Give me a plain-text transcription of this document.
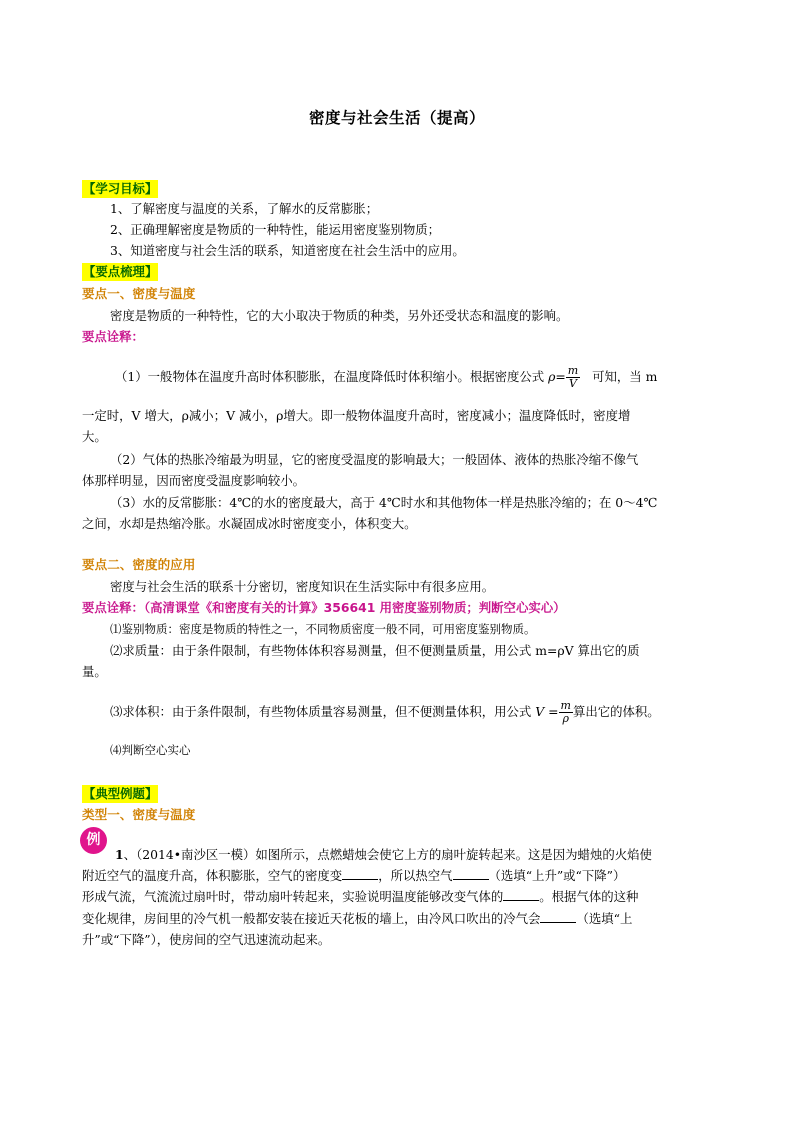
密度与社会生活（提高）
【学习目标】
1、了解密度与温度的关系，了解水的反常膨胀；
2、正确理解密度是物质的一种特性，能运用密度鉴别物质；
3、知道密度与社会生活的联系，知道密度在社会生活中的应用。
【要点梳理】
要点一、密度与温度
密度是物质的一种特性，它的大小取决于物质的种类，另外还受状态和温度的影响。
要点诠释：
（1）一般物体在温度升高时体积膨胀，在温度降低时体积缩小。根据密度公式 $\rho= \frac{m}{V}$ 可知，当 m
一定时，V 增大，ρ减小；V 减小，ρ增大。即一般物体温度升高时，密度减小；温度降低时，密度增
大。
（2）气体的热胀冷缩最为明显，它的密度受温度的影响最大；一般固体、液体的热胀冷缩不像气
体那样明显，因而密度受温度影响较小。
（3）水的反常膨胀：4℃的水的密度最大，高于 4℃时水和其他物体一样是热胀冷缩的；在 0～4℃
之间，水却是热缩冷胀。水凝固成冰时密度变小，体积变大。
要点二、密度的应用
密度与社会生活的联系十分密切，密度知识在生活实际中有很多应用。
要点诠释：（高清课堂《和密度有关的计算》356641 用密度鉴别物质；判断空心实心）
⑴鉴别物质：密度是物质的特性之一，不同物质密度一般不同，可用密度鉴别物质。
⑵求质量：由于条件限制，有些物体体积容易测量，但不便测量质量，用公式 m=ρV 算出它的质
量。
⑶求体积：由于条件限制，有些物体质量容易测量，但不便测量体积，用公式 $V = \frac{m}{\rho}$ 算出它的体积。
⑷判断空心实心
【典型例题】
类型一、密度与温度
例
1、（2014•南沙区一模）如图所示，点燃蜡烛会使它上方的扇叶旋转起来。这是因为蜡烛的火焰使
附近空气的温度升高，体积膨胀，空气的密度变	，所以热空气	（选填“上升”或“下降”）
形成气流，气流流过扇叶时，带动扇叶转起来，实验说明温度能够改变气体的	。根据气体的这种
变化规律，房间里的冷气机一般都安装在接近天花板的墙上，由冷风口吹出的冷气会	（选填“上
升”或“下降”），使房间的空气迅速流动起来。
